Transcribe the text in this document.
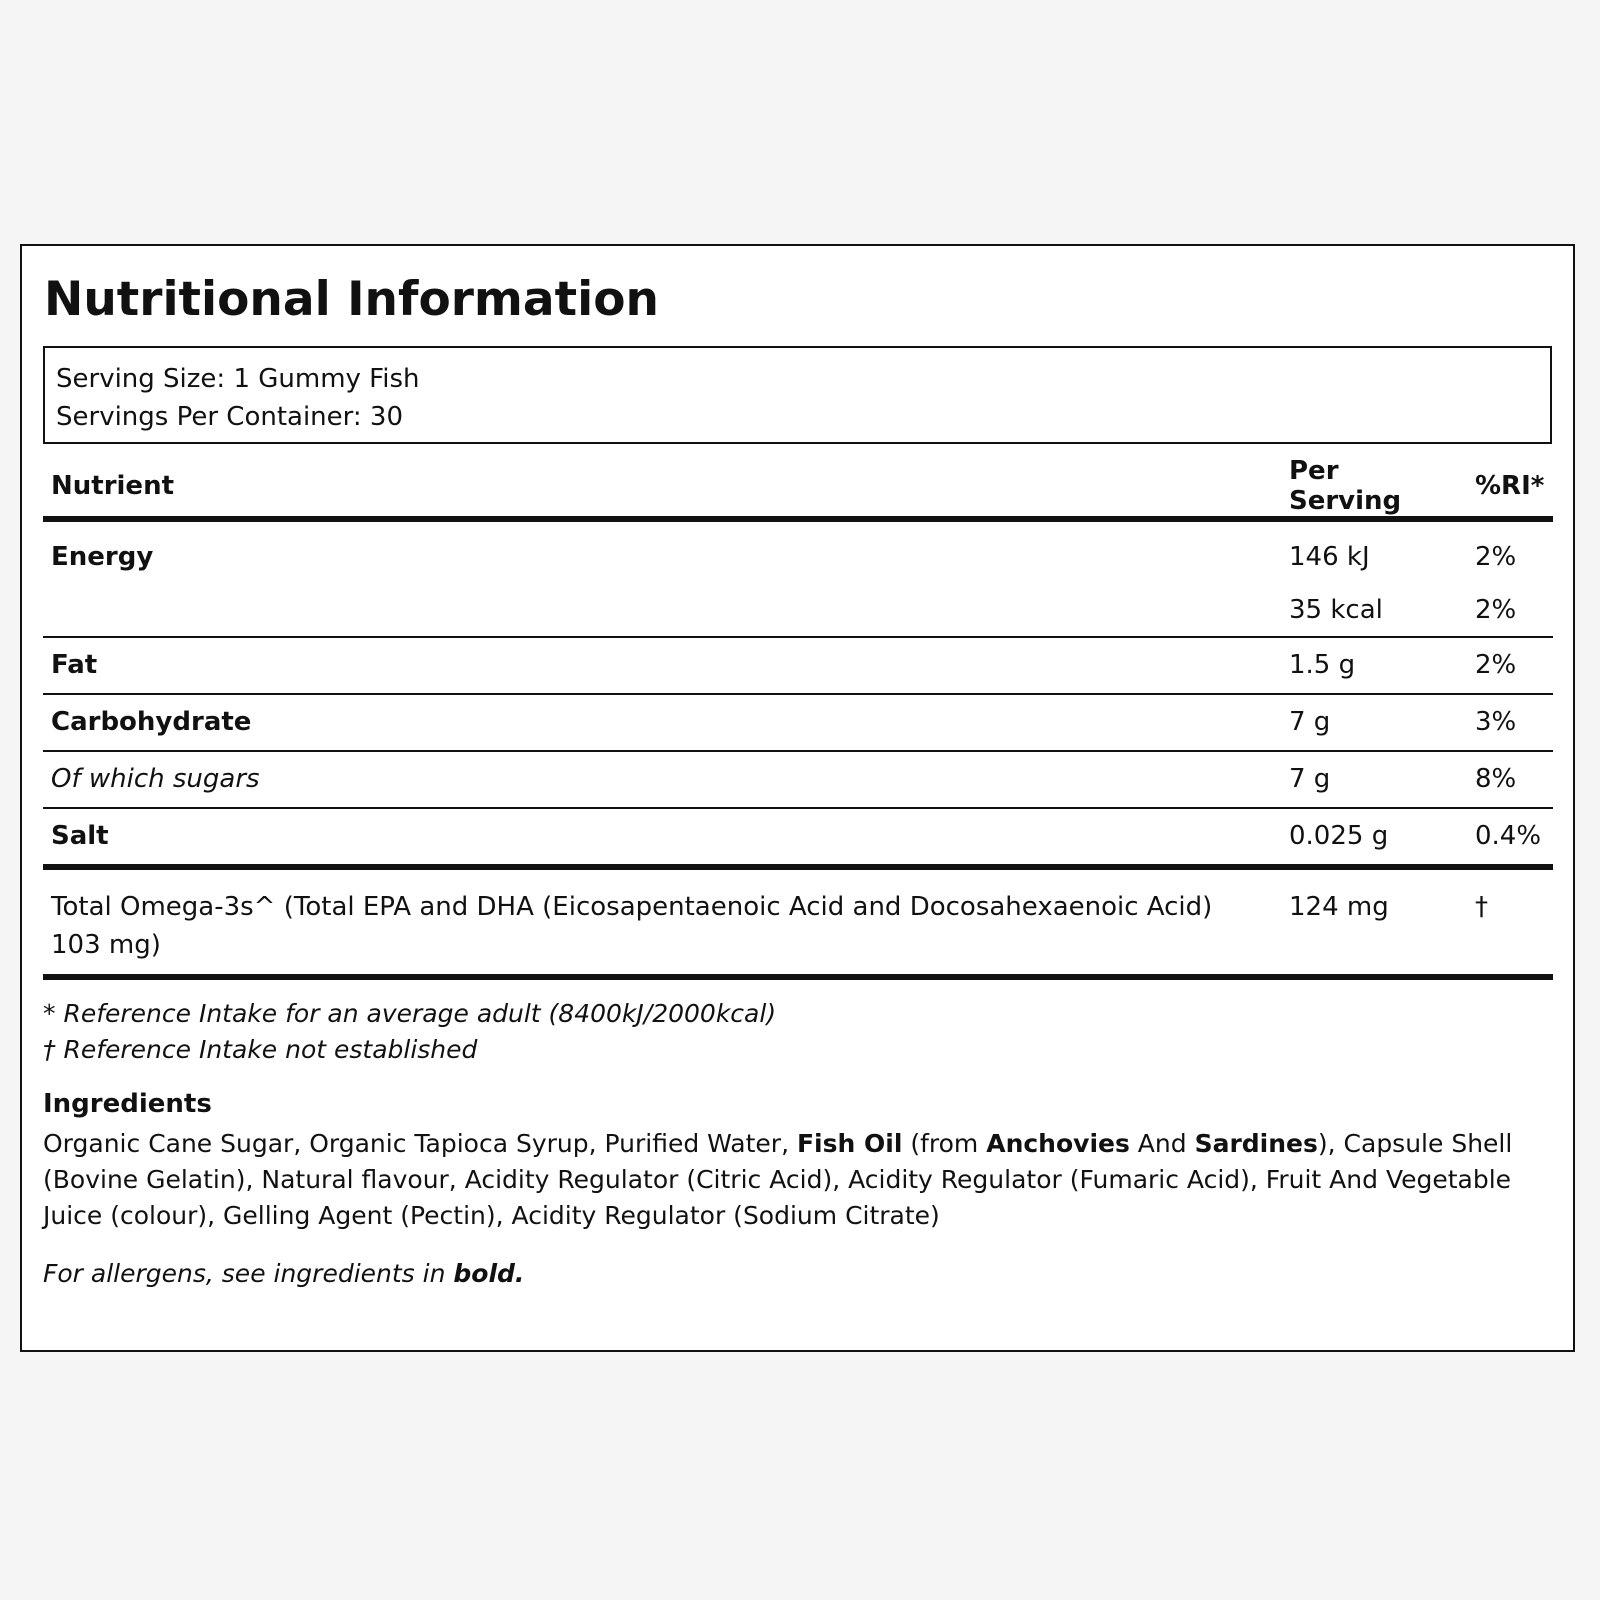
Nutritional Information
Serving Size: 1 Gummy Fish
Servings Per Container: 30
Nutrient	Per Serving	%RI*
Energy	146 kJ	2%
	35 kcal	2%
Fat	1.5 g	2%
Carbohydrate	7 g	3%
Of which sugars	7 g	8%
Salt	0.025 g	0.4%
Total Omega-3s^ (Total EPA and DHA (Eicosapentaenoic Acid and Docosahexaenoic Acid) 103 mg)	124 mg	†
* Reference Intake for an average adult (8400kJ/2000kcal)
† Reference Intake not established
Ingredients
Organic Cane Sugar, Organic Tapioca Syrup, Purified Water, Fish Oil (from Anchovies And Sardines), Capsule Shell (Bovine Gelatin), Natural flavour, Acidity Regulator (Citric Acid), Acidity Regulator (Fumaric Acid), Fruit And Vegetable Juice (colour), Gelling Agent (Pectin), Acidity Regulator (Sodium Citrate)
For allergens, see ingredients in bold.
